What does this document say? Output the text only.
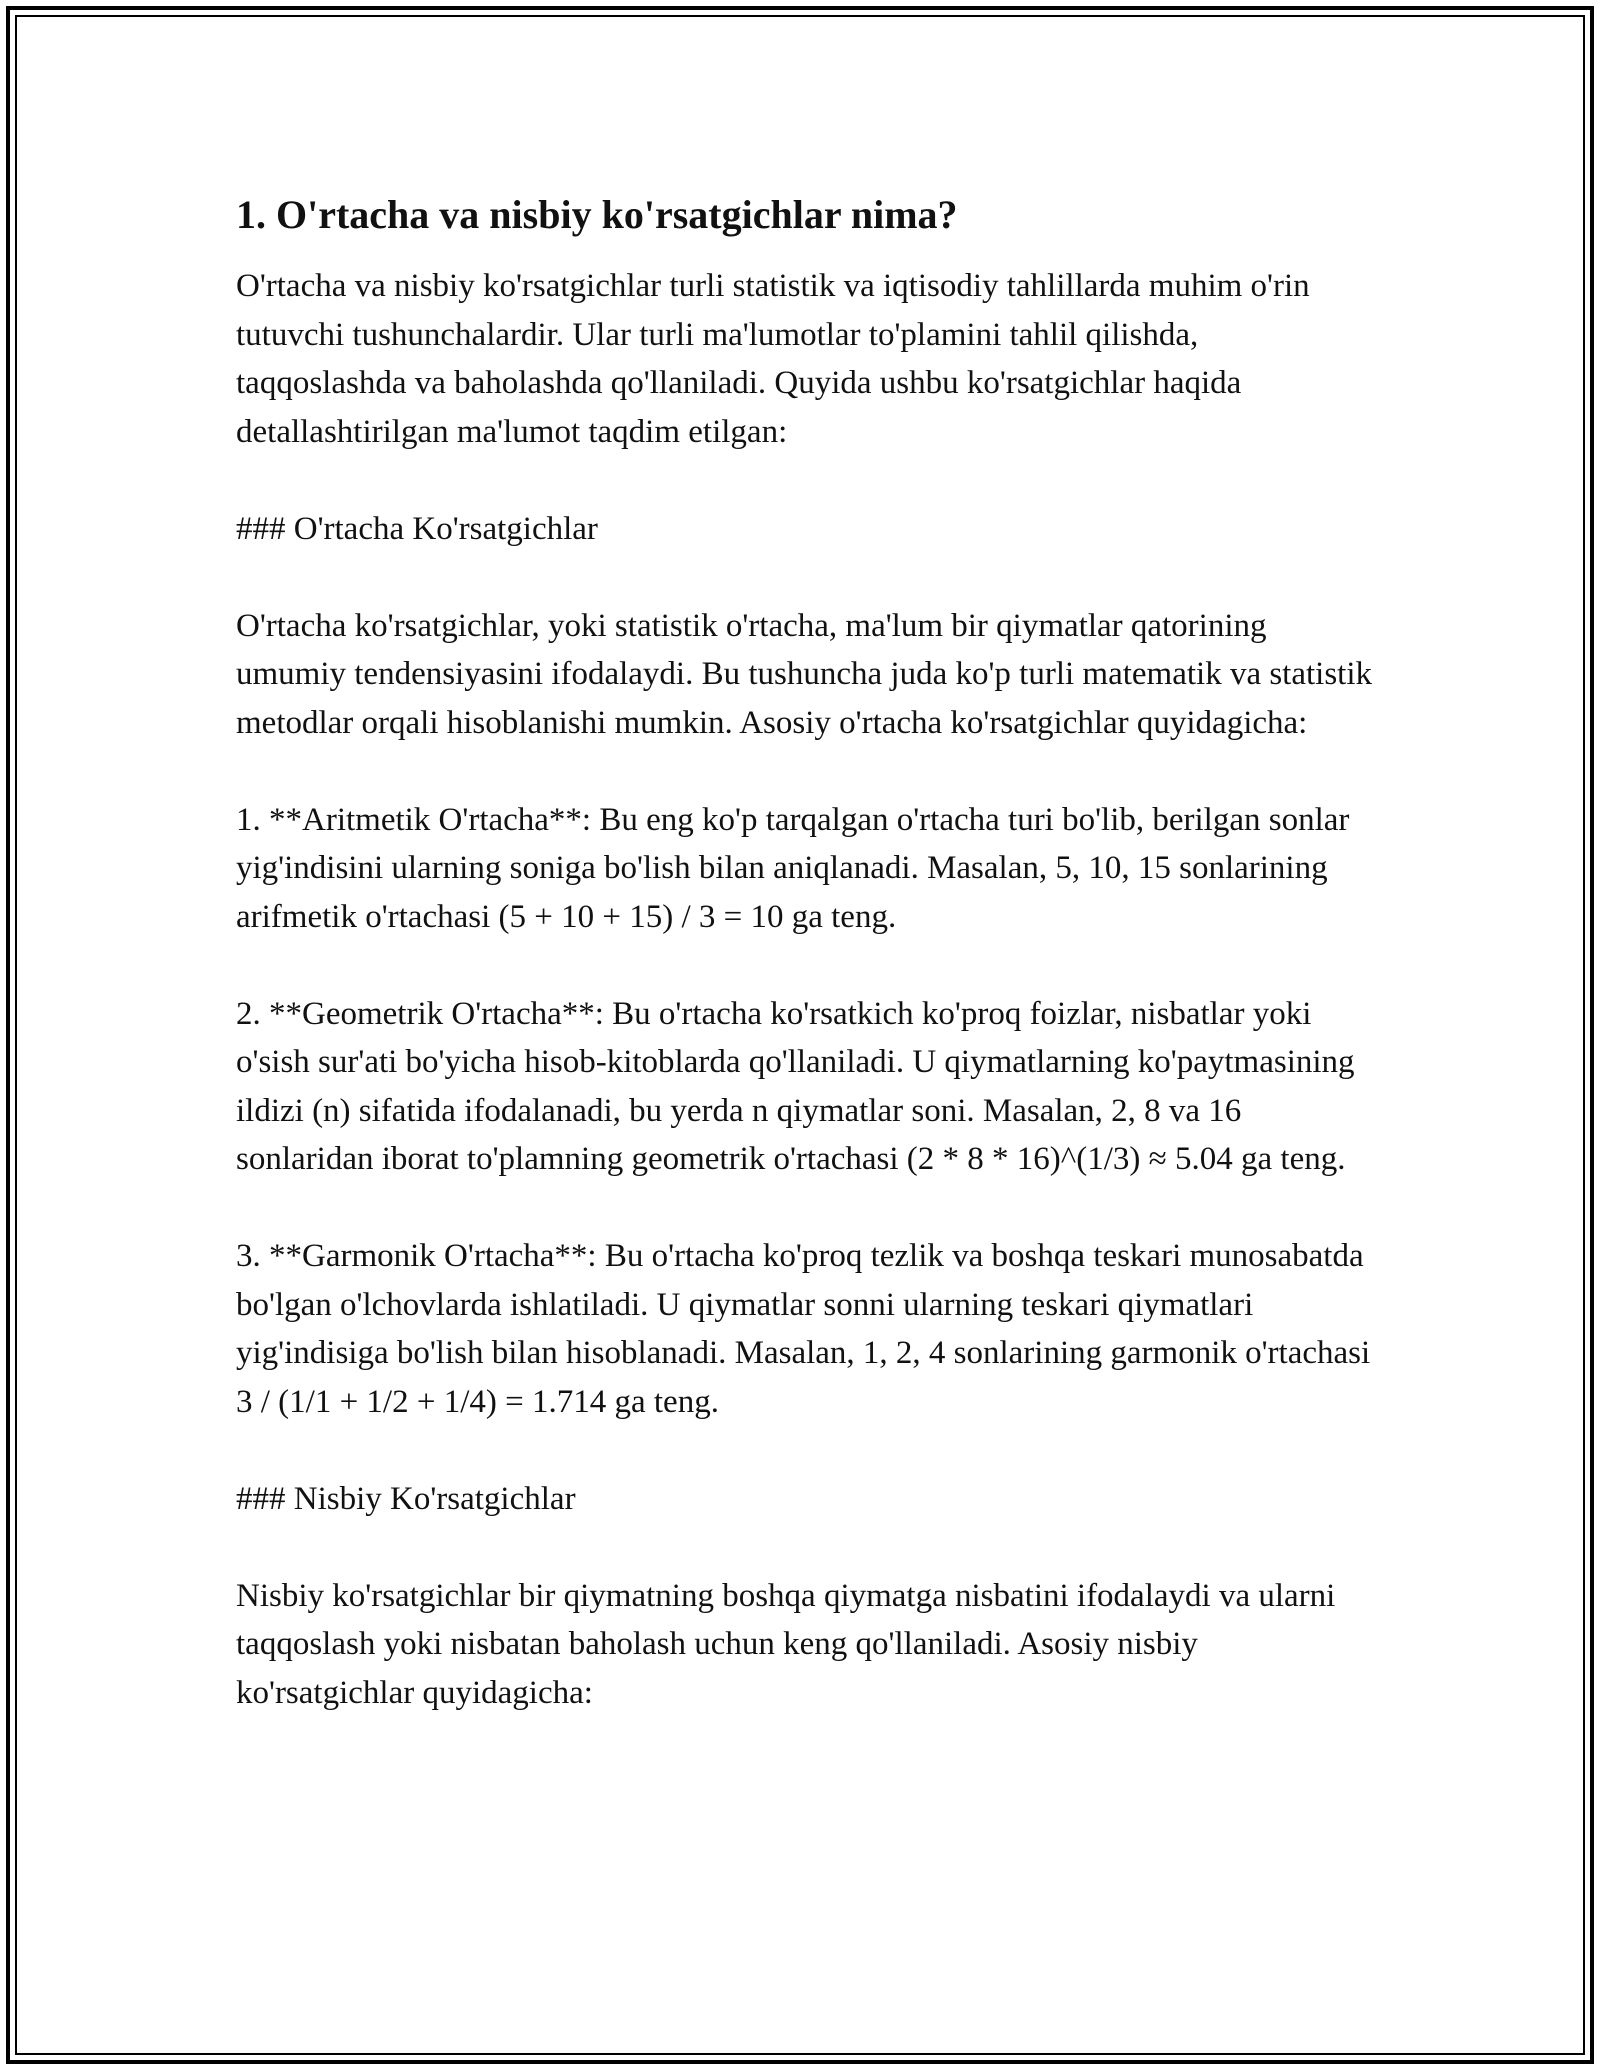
1. O'rtacha va nisbiy ko'rsatgichlar nima?

O'rtacha va nisbiy ko'rsatgichlar turli statistik va iqtisodiy tahlillarda muhim o'rin tutuvchi tushunchalardir. Ular turli ma'lumotlar to'plamini tahlil qilishda, taqqoslashda va baholashda qo'llaniladi. Quyida ushbu ko'rsatgichlar haqida detallashtirilgan ma'lumot taqdim etilgan:

### O'rtacha Ko'rsatgichlar

O'rtacha ko'rsatgichlar, yoki statistik o'rtacha, ma'lum bir qiymatlar qatorining umumiy tendensiyasini ifodalaydi. Bu tushuncha juda ko'p turli matematik va statistik metodlar orqali hisoblanishi mumkin. Asosiy o'rtacha ko'rsatgichlar quyidagicha:

1. **Aritmetik O'rtacha**: Bu eng ko'p tarqalgan o'rtacha turi bo'lib, berilgan sonlar yig'indisini ularning soniga bo'lish bilan aniqlanadi. Masalan, 5, 10, 15 sonlarining arifmetik o'rtachasi (5 + 10 + 15) / 3 = 10 ga teng.

2. **Geometrik O'rtacha**: Bu o'rtacha ko'rsatkich ko'proq foizlar, nisbatlar yoki o'sish sur'ati bo'yicha hisob-kitoblarda qo'llaniladi. U qiymatlarning ko'paytmasining ildizi (n) sifatida ifodalanadi, bu yerda n qiymatlar soni. Masalan, 2, 8 va 16 sonlaridan iborat to'plamning geometrik o'rtachasi (2 * 8 * 16)^(1/3) ≈ 5.04 ga teng.

3. **Garmonik O'rtacha**: Bu o'rtacha ko'proq tezlik va boshqa teskari munosabatda bo'lgan o'lchovlarda ishlatiladi. U qiymatlar sonni ularning teskari qiymatlari yig'indisiga bo'lish bilan hisoblanadi. Masalan, 1, 2, 4 sonlarining garmonik o'rtachasi 3 / (1/1 + 1/2 + 1/4) = 1.714 ga teng.

### Nisbiy Ko'rsatgichlar

Nisbiy ko'rsatgichlar bir qiymatning boshqa qiymatga nisbatini ifodalaydi va ularni taqqoslash yoki nisbatan baholash uchun keng qo'llaniladi. Asosiy nisbiy ko'rsatgichlar quyidagicha:
